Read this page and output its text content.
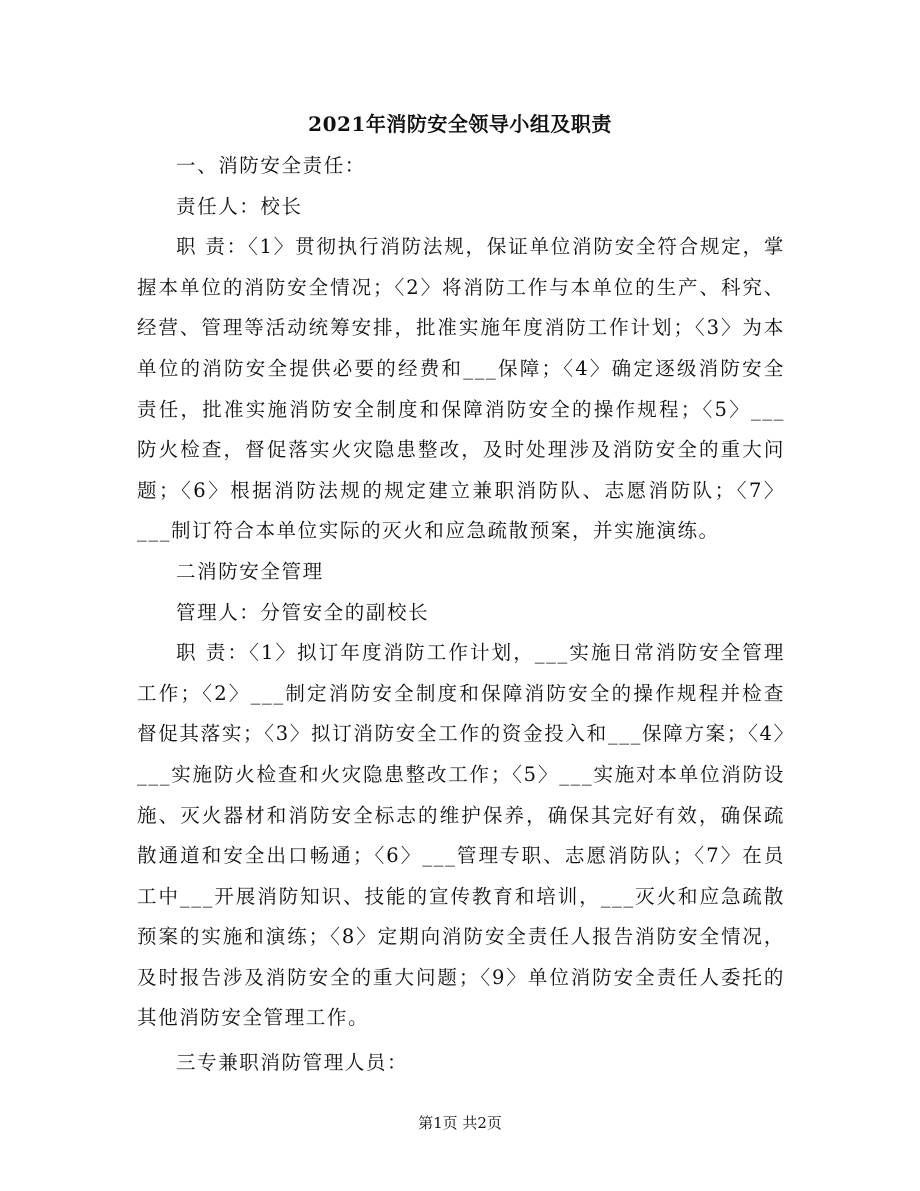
2021年消防安全领导小组及职责

一、消防安全责任：

责任人：校长

职 责：〈1〉贯彻执行消防法规，保证单位消防安全符合规定，掌握本单位的消防安全情况；〈2〉将消防工作与本单位的生产、科究、经营、管理等活动统筹安排，批准实施年度消防工作计划；〈3〉为本单位的消防安全提供必要的经费和___保障；〈4〉确定逐级消防安全责任，批准实施消防安全制度和保障消防安全的操作规程；〈5〉___防火检查，督促落实火灾隐患整改，及时处理涉及消防安全的重大问题；〈6〉根据消防法规的规定建立兼职消防队、志愿消防队；〈7〉___制订符合本单位实际的灭火和应急疏散预案，并实施演练。

二消防安全管理

管理人：分管安全的副校长

职 责：〈1〉拟订年度消防工作计划，___实施日常消防安全管理工作；〈2〉___制定消防安全制度和保障消防安全的操作规程并检查督促其落实；〈3〉拟订消防安全工作的资金投入和___保障方案；〈4〉___实施防火检查和火灾隐患整改工作；〈5〉___实施对本单位消防设施、灭火器材和消防安全标志的维护保养，确保其完好有效，确保疏散通道和安全出口畅通；〈6〉___管理专职、志愿消防队；〈7〉在员工中___开展消防知识、技能的宣传教育和培训，___灭火和应急疏散预案的实施和演练；〈8〉定期向消防安全责任人报告消防安全情况，及时报告涉及消防安全的重大问题；〈9〉单位消防安全责任人委托的其他消防安全管理工作。

三专兼职消防管理人员：

第1页 共2页
